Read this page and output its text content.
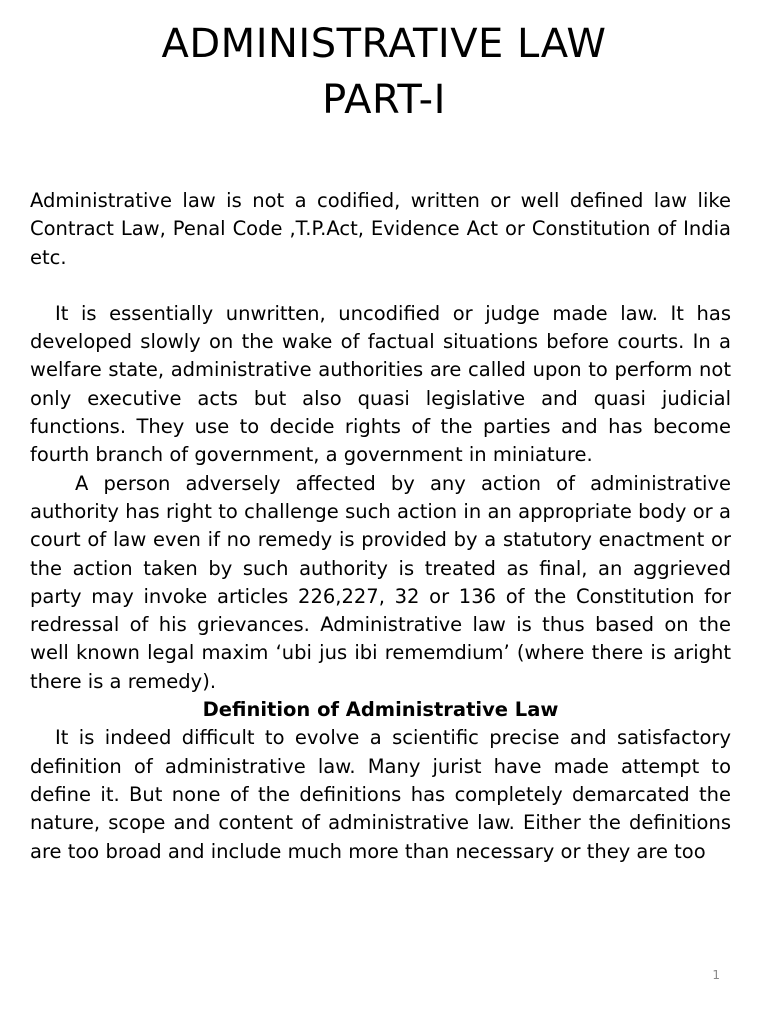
ADMINISTRATIVE LAW
PART-I

Administrative law is not a codified, written or well defined law like Contract Law, Penal Code ,T.P.Act, Evidence Act or Constitution of India etc.

It is essentially unwritten, uncodified or judge made law. It has developed slowly on the wake of factual situations before courts. In a welfare state, administrative authorities are called upon to perform not only executive acts but also quasi legislative and quasi judicial functions. They use to decide rights of the parties and has become fourth branch of government, a government in miniature.

A person adversely affected by any action of administrative authority has right to challenge such action in an appropriate body or a court of law even if no remedy is provided by a statutory enactment or the action taken by such authority is treated as final, an aggrieved party may invoke articles 226,227, 32 or 136 of the Constitution for redressal of his grievances. Administrative law is thus based on the well known legal maxim ‘ubi jus ibi rememdium’ (where there is aright there is a remedy).

Definition of Administrative Law

It is indeed difficult to evolve a scientific precise and satisfactory definition of administrative law. Many jurist have made attempt to define it. But none of the definitions has completely demarcated the nature, scope and content of administrative law. Either the definitions are too broad and include much more than necessary or they are too

1
